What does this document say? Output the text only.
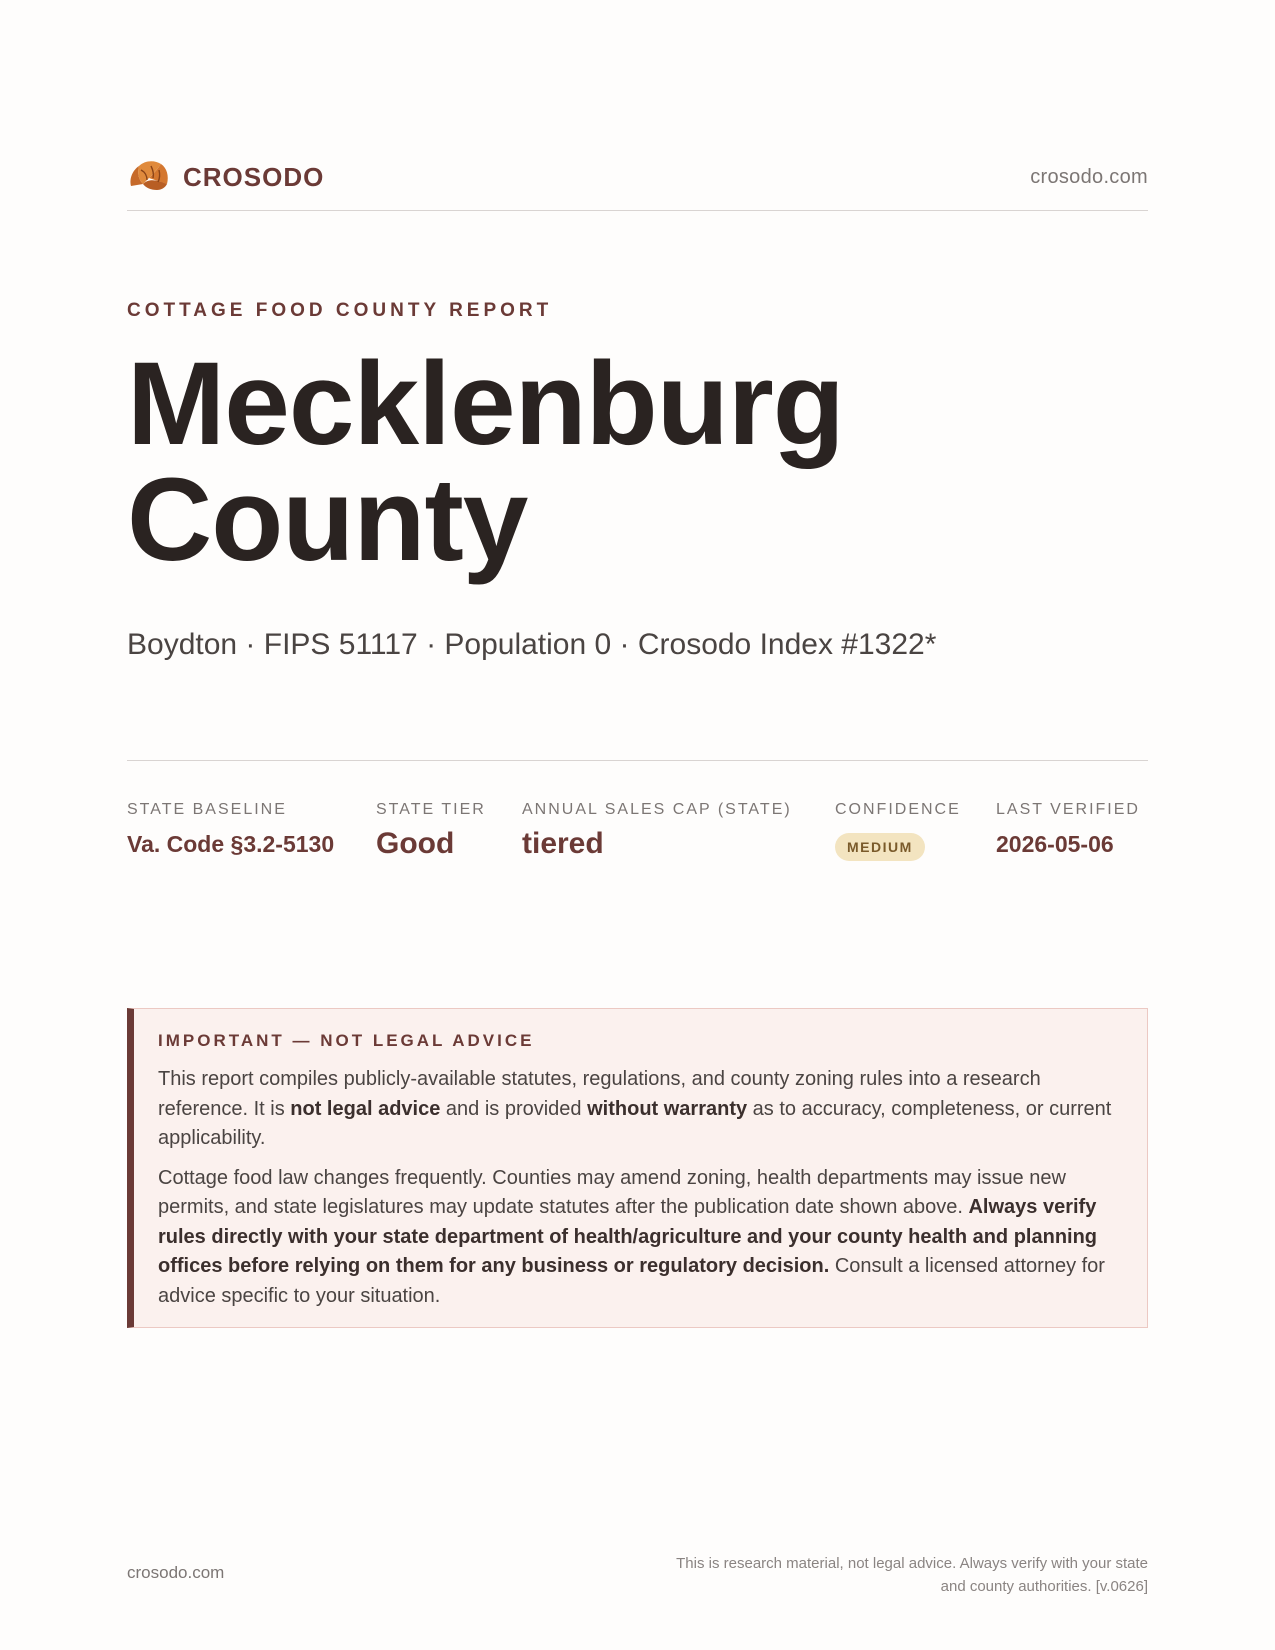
CROSODO	crosodo.com
COTTAGE FOOD COUNTY REPORT
Mecklenburg
County
Boydton · FIPS 51117 · Population 0 · Crosodo Index #1322*
STATE BASELINE
Va. Code §3.2-5130
STATE TIER
Good
ANNUAL SALES CAP (STATE)
tiered
CONFIDENCE
MEDIUM
LAST VERIFIED
2026-05-06
IMPORTANT — NOT LEGAL ADVICE

This report compiles publicly-available statutes, regulations, and county zoning rules into a research reference. It is not legal advice and is provided without warranty as to accuracy, completeness, or current applicability.

Cottage food law changes frequently. Counties may amend zoning, health departments may issue new permits, and state legislatures may update statutes after the publication date shown above. Always verify rules directly with your state department of health/agriculture and your county health and planning offices before relying on them for any business or regulatory decision. Consult a licensed attorney for advice specific to your situation.

crosodo.com	This is research material, not legal advice. Always verify with your state
and county authorities. [v.0626]
